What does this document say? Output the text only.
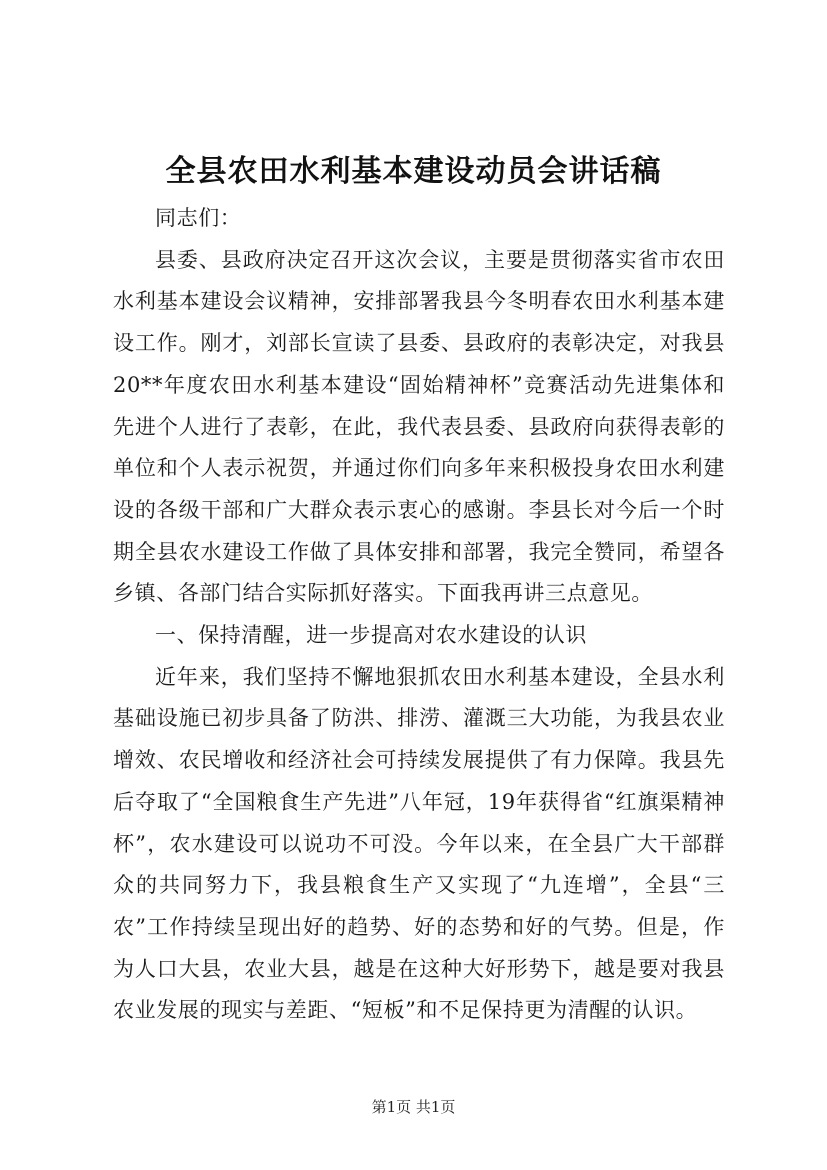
全县农田水利基本建设动员会讲话稿

同志们：

县委、县政府决定召开这次会议，主要是贯彻落实省市农田水利基本建设会议精神，安排部署我县今冬明春农田水利基本建设工作。刚才，刘部长宣读了县委、县政府的表彰决定，对我县20**年度农田水利基本建设“固始精神杯”竞赛活动先进集体和先进个人进行了表彰，在此，我代表县委、县政府向获得表彰的单位和个人表示祝贺，并通过你们向多年来积极投身农田水利建设的各级干部和广大群众表示衷心的感谢。李县长对今后一个时期全县农水建设工作做了具体安排和部署，我完全赞同，希望各乡镇、各部门结合实际抓好落实。下面我再讲三点意见。

一、保持清醒，进一步提高对农水建设的认识

近年来，我们坚持不懈地狠抓农田水利基本建设，全县水利基础设施已初步具备了防洪、排涝、灌溉三大功能，为我县农业增效、农民增收和经济社会可持续发展提供了有力保障。我县先后夺取了“全国粮食生产先进”八年冠，19年获得省“红旗渠精神杯”，农水建设可以说功不可没。今年以来，在全县广大干部群众的共同努力下，我县粮食生产又实现了“九连增”，全县“三农”工作持续呈现出好的趋势、好的态势和好的气势。但是，作为人口大县，农业大县，越是在这种大好形势下，越是要对我县农业发展的现实与差距、“短板”和不足保持更为清醒的认识。

第1页 共1页
